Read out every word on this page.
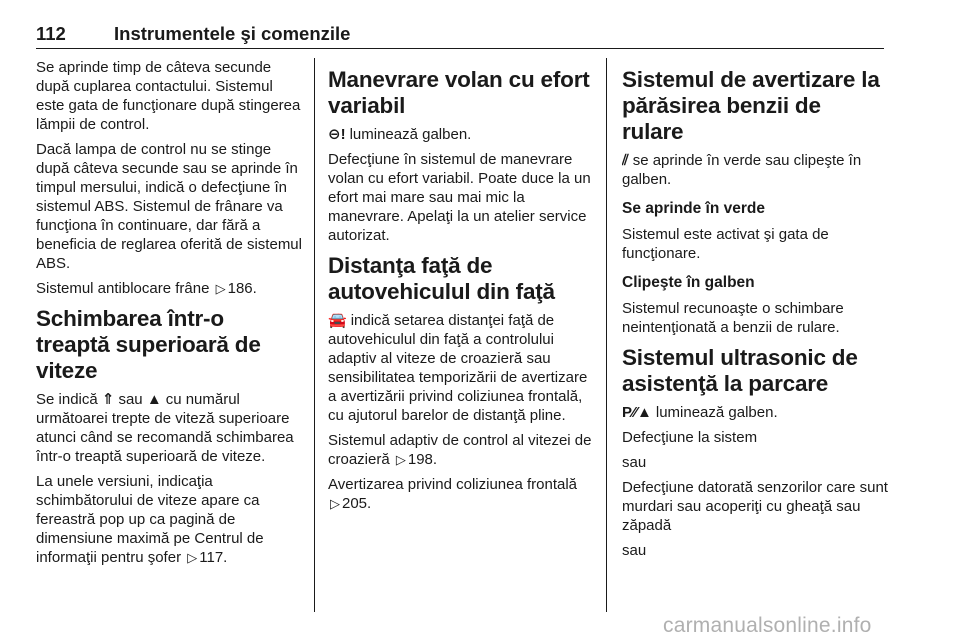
112	Instrumentele şi comenzile

Se aprinde timp de câteva secunde după cuplarea contactului. Sistemul este gata de funcţionare după stingerea lămpii de control.

Dacă lampa de control nu se stinge după câteva secunde sau se aprinde în timpul mersului, indică o defecţiune în sistemul ABS. Sistemul de frânare va funcţiona în continuare, dar fără a beneficia de reglarea oferită de sistemul ABS.

Sistemul antiblocare frâne ▷ 186.

Schimbarea într-o treaptă superioară de viteze

Se indică ⇑ sau ▲ cu numărul următoarei trepte de viteză superioare atunci când se recomandă schimbarea într-o treaptă superioară de viteze.

La unele versiuni, indicaţia schimbătorului de viteze apare ca fereastră pop up ca pagină de dimensiune maximă pe Centrul de informaţii pentru şofer ▷ 117.

Manevrare volan cu efort variabil

⊖! luminează galben.

Defecţiune în sistemul de manevrare volan cu efort variabil. Poate duce la un efort mai mare sau mai mic la manevrare. Apelaţi la un atelier service autorizat.

Distanţa faţă de autovehiculul din faţă

🚘 indică setarea distanţei faţă de autovehiculul din faţă a controlului adaptiv al viteze de croazieră sau sensibilitatea temporizării de avertizare a avertizării privind coliziunea frontală, cu ajutorul barelor de distanţă pline.

Sistemul adaptiv de control al vitezei de croazieră ▷ 198.

Avertizarea privind coliziunea frontală ▷ 205.

Sistemul de avertizare la părăsirea benzii de rulare

⫽ se aprinde în verde sau clipeşte în galben.

Se aprinde în verde

Sistemul este activat şi gata de funcţionare.

Clipeşte în galben

Sistemul recunoaşte o schimbare neintenţionată a benzii de rulare.

Sistemul ultrasonic de asistenţă la parcare

P⁄⁄▲ luminează galben.

Defecţiune la sistem

sau

Defecţiune datorată senzorilor care sunt murdari sau acoperiţi cu gheaţă sau zăpadă

sau

carmanualsonline.info
